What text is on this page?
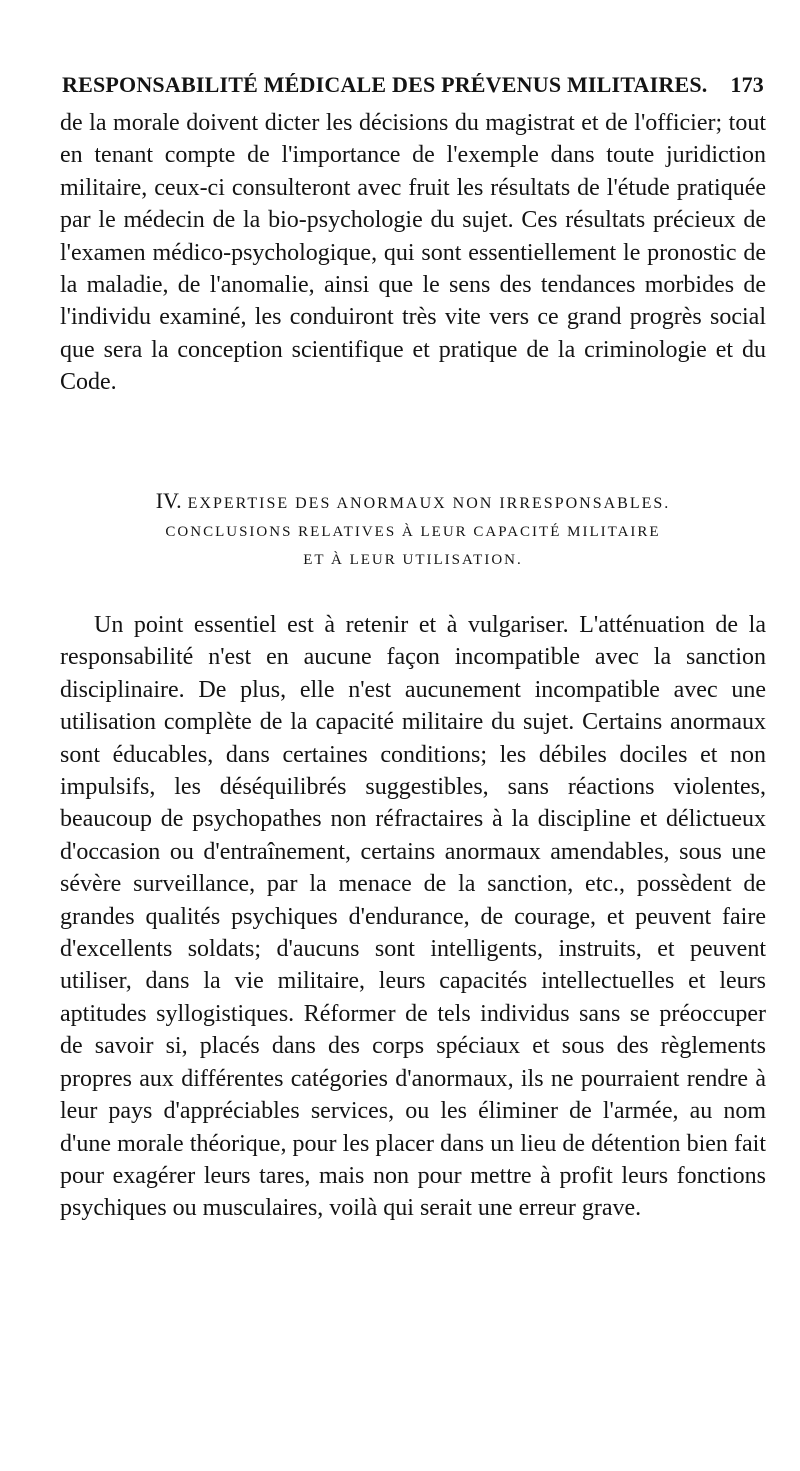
RESPONSABILITÉ MÉDICALE DES PRÉVENUS MILITAIRES. 173

de la morale doivent dicter les décisions du magistrat et de l'officier; tout en tenant compte de l'importance de l'exemple dans toute juridiction militaire, ceux-ci consulteront avec fruit les résultats de l'étude pratiquée par le médecin de la bio-psychologie du sujet. Ces résultats précieux de l'examen médico-psychologique, qui sont essentiellement le pronostic de la maladie, de l'anomalie, ainsi que le sens des tendances morbides de l'individu examiné, les conduiront très vite vers ce grand progrès social que sera la conception scientifique et pratique de la criminologie et du Code.

IV. EXPERTISE DES ANORMAUX NON IRRESPONSABLES.
CONCLUSIONS RELATIVES À LEUR CAPACITÉ MILITAIRE
ET À LEUR UTILISATION.

Un point essentiel est à retenir et à vulgariser. L'atténuation de la responsabilité n'est en aucune façon incompatible avec la sanction disciplinaire. De plus, elle n'est aucunement incompatible avec une utilisation complète de la capacité militaire du sujet. Certains anormaux sont éducables, dans certaines conditions; les débiles dociles et non impulsifs, les déséquilibrés suggestibles, sans réactions violentes, beaucoup de psychopathes non réfractaires à la discipline et délictueux d'occasion ou d'entraînement, certains anormaux amendables, sous une sévère surveillance, par la menace de la sanction, etc., possèdent de grandes qualités psychiques d'endurance, de courage, et peuvent faire d'excellents soldats; d'aucuns sont intelligents, instruits, et peuvent utiliser, dans la vie militaire, leurs capacités intellectuelles et leurs aptitudes syllogistiques. Réformer de tels individus sans se préoccuper de savoir si, placés dans des corps spéciaux et sous des règlements propres aux différentes catégories d'anormaux, ils ne pourraient rendre à leur pays d'appréciables services, ou les éliminer de l'armée, au nom d'une morale théorique, pour les placer dans un lieu de détention bien fait pour exagérer leurs tares, mais non pour mettre à profit leurs fonctions psychiques ou musculaires, voilà qui serait une erreur grave.
